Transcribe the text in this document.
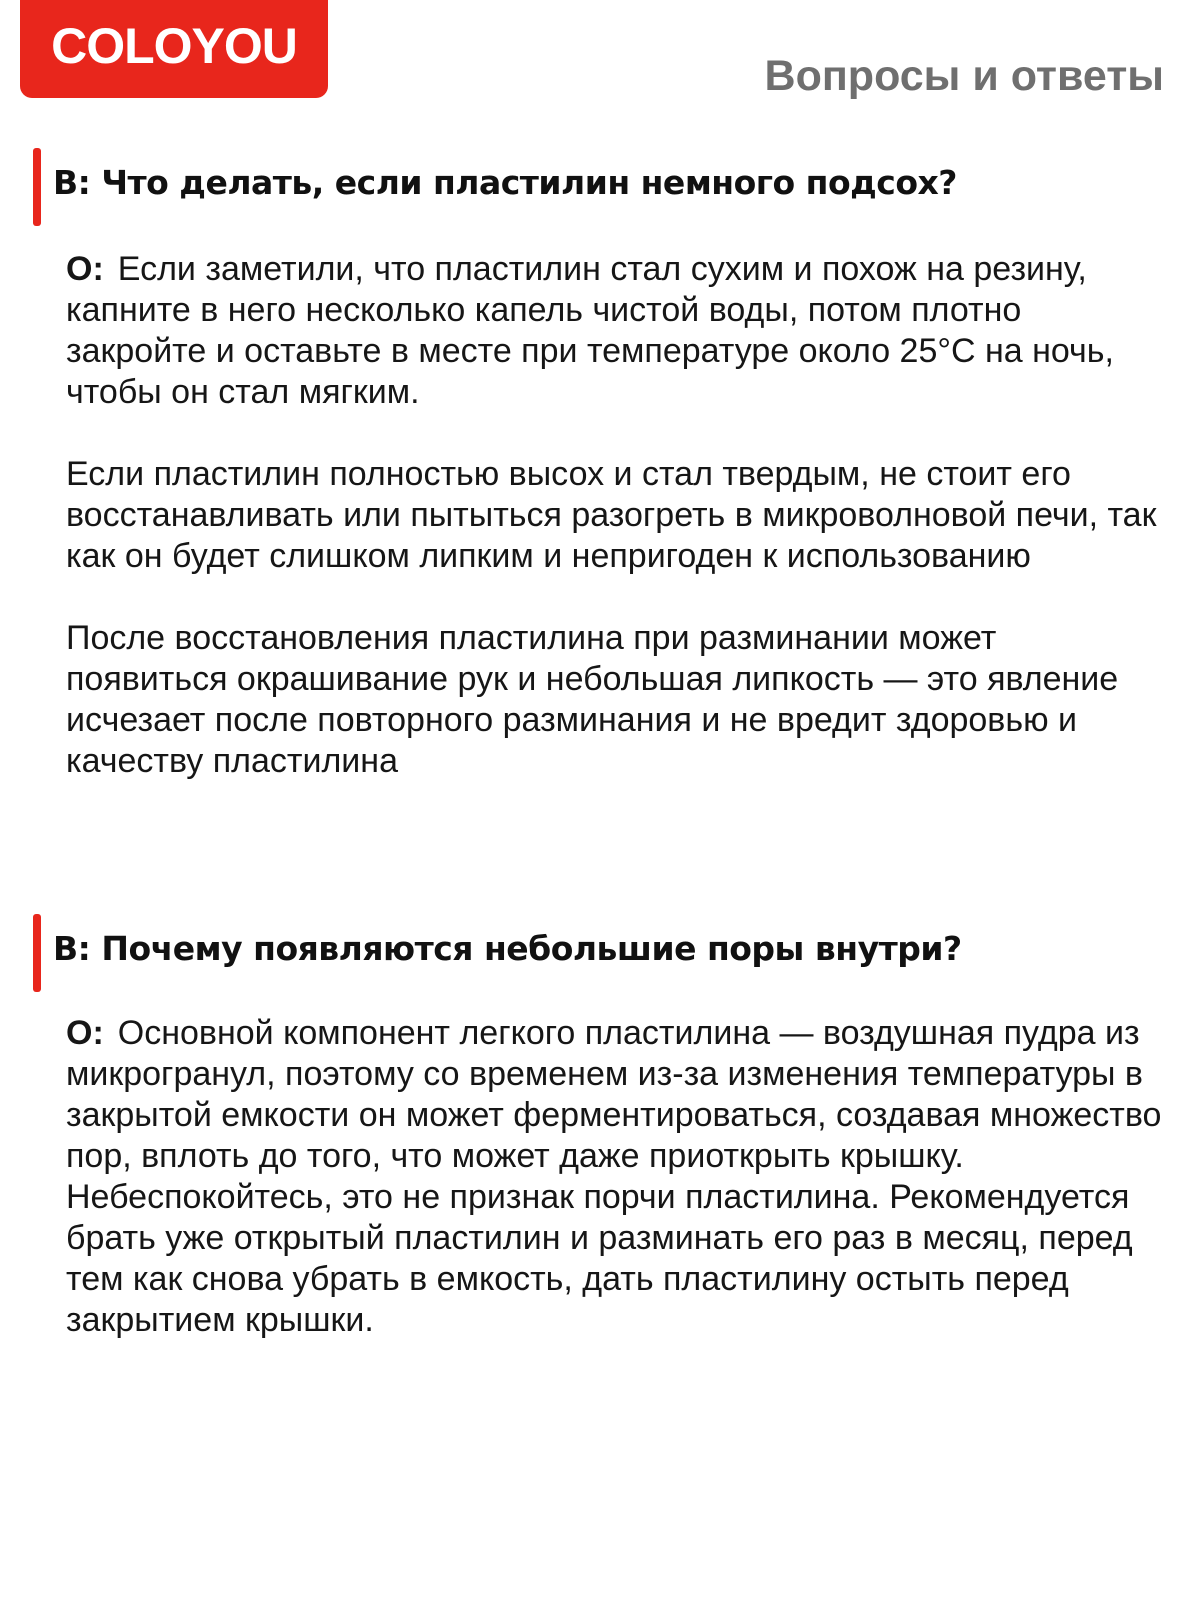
COLOYOU
Вопросы и ответы
В: Что делать, если пластилин немного подсох?

О: Если заметили, что пластилин стал сухим и похож на резину, капните в него несколько капель чистой воды, потом плотно закройте и оставьте в месте при температуре около 25°C на ночь, чтобы он стал мягким.

Если пластилин полностью высох и стал твердым, не стоит его восстанавливать или пытыться разогреть в микроволновой печи, так как он будет слишком липким и непригоден к использованию

После восстановления пластилина при разминании может появиться окрашивание рук и небольшая липкость — это явление исчезает после повторного разминания и не вредит здоровью и качеству пластилина

В: Почему появляются небольшие поры внутри?

О: Основной компонент легкого пластилина — воздушная пудра из микрогранул, поэтому со временем из-за изменения температуры в закрытой емкости он может ферментироваться, создавая множество пор, вплоть до того, что может даже приоткрыть крышку. Небеспокойтесь, это не признак порчи пластилина. Рекомендуется брать уже открытый пластилин и разминать его раз в месяц, перед тем как снова убрать в емкость, дать пластилину остыть перед закрытием крышки.
